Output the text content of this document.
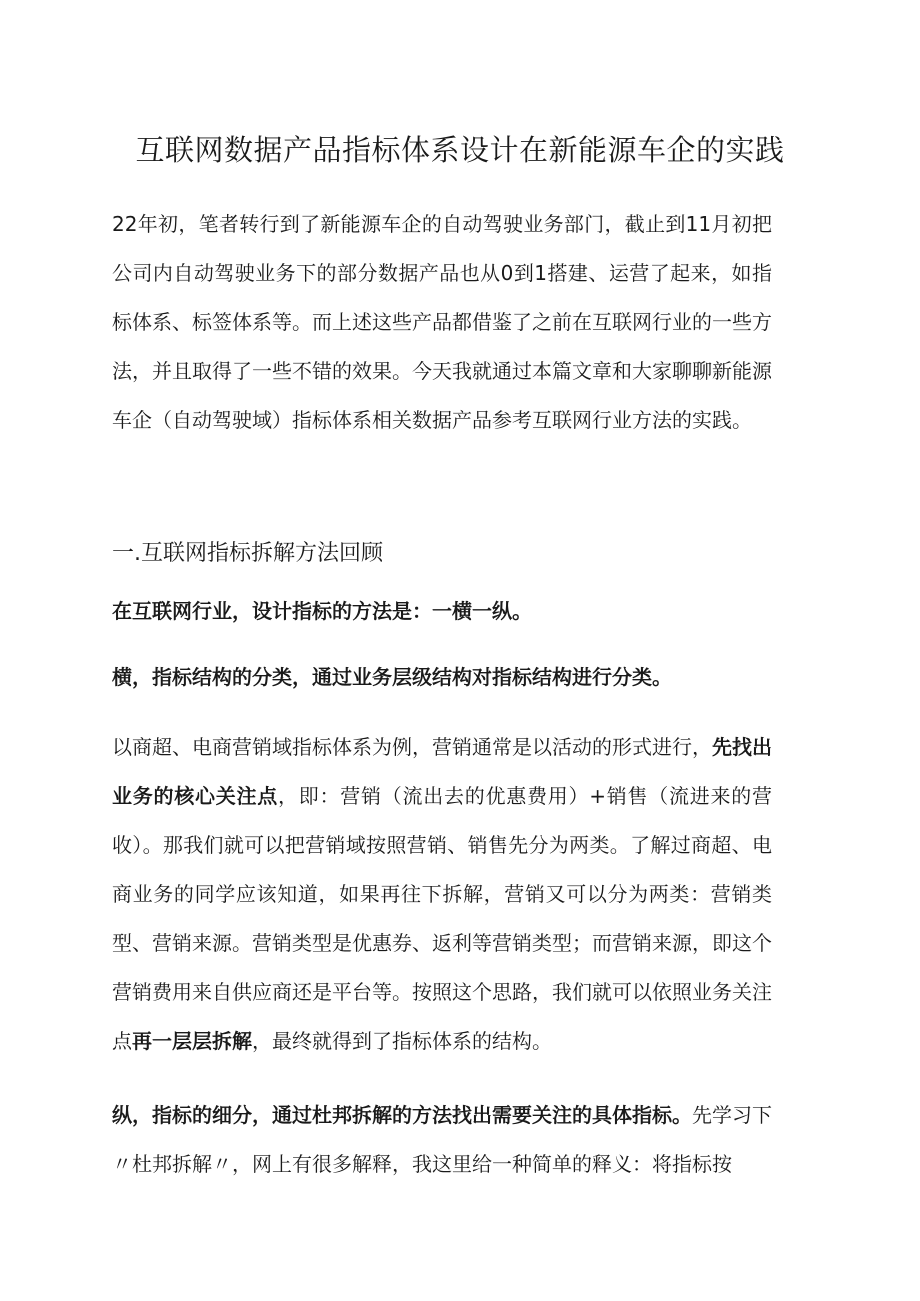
互联网数据产品指标体系设计在新能源车企的实践

22年初，笔者转行到了新能源车企的自动驾驶业务部门，截止到11月初把公司内自动驾驶业务下的部分数据产品也从0到1搭建、运营了起来，如指标体系、标签体系等。而上述这些产品都借鉴了之前在互联网行业的一些方法，并且取得了一些不错的效果。今天我就通过本篇文章和大家聊聊新能源车企（自动驾驶域）指标体系相关数据产品参考互联网行业方法的实践。

一.互联网指标拆解方法回顾

在互联网行业，设计指标的方法是：一横一纵。

横，指标结构的分类，通过业务层级结构对指标结构进行分类。

以商超、电商营销域指标体系为例，营销通常是以活动的形式进行，先找出业务的核心关注点，即：营销（流出去的优惠费用）+销售（流进来的营收）。那我们就可以把营销域按照营销、销售先分为两类。了解过商超、电商业务的同学应该知道，如果再往下拆解，营销又可以分为两类：营销类型、营销来源。营销类型是优惠券、返利等营销类型；而营销来源，即这个营销费用来自供应商还是平台等。按照这个思路，我们就可以依照业务关注点再一层层拆解，最终就得到了指标体系的结构。

纵，指标的细分，通过杜邦拆解的方法找出需要关注的具体指标。先学习下〃杜邦拆解〃，网上有很多解释，我这里给一种简单的释义：将指标按
